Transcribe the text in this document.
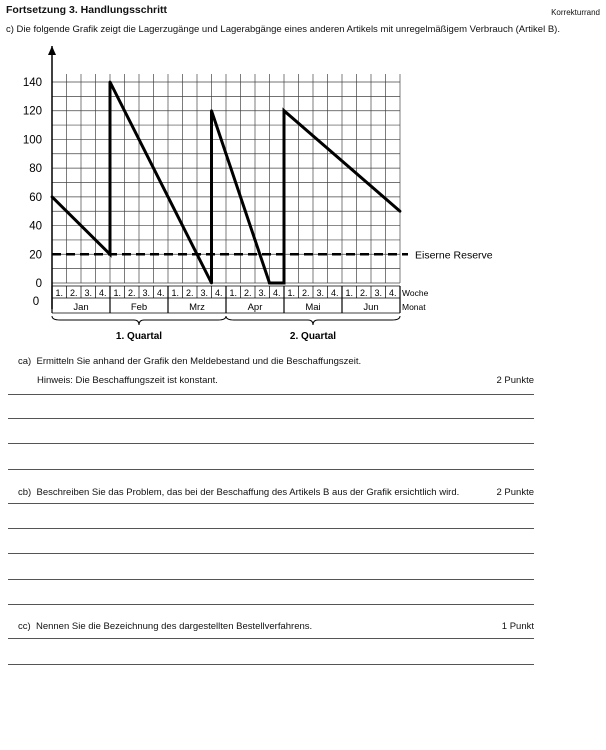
Fortsetzung 3. Handlungsschritt	Korrekturrand
c) Die folgende Grafik zeigt die Lagerzugänge und Lagerabgänge eines anderen Artikels mit unregelmäßigem Verbrauch (Artikel B).
0
20
40
60
80
100
120
140
0
1. 2. 3. 4. 1. 2. 3. 4. 1. 2. 3. 4. 1. 2. 3. 4. 1. 2. 3. 4. 1. 2. 3. 4.
Jan	Feb	Mrz	Apr	Mai	Jun
Woche
Monat
1. Quartal	2. Quartal
Eiserne Reserve
ca) Ermitteln Sie anhand der Grafik den Meldebestand und die Beschaffungszeit.
Hinweis: Die Beschaffungszeit ist konstant.	2 Punkte
cb) Beschreiben Sie das Problem, das bei der Beschaffung des Artikels B aus der Grafik ersichtlich wird.	2 Punkte
cc) Nennen Sie die Bezeichnung des dargestellten Bestellverfahrens.	1 Punkt
